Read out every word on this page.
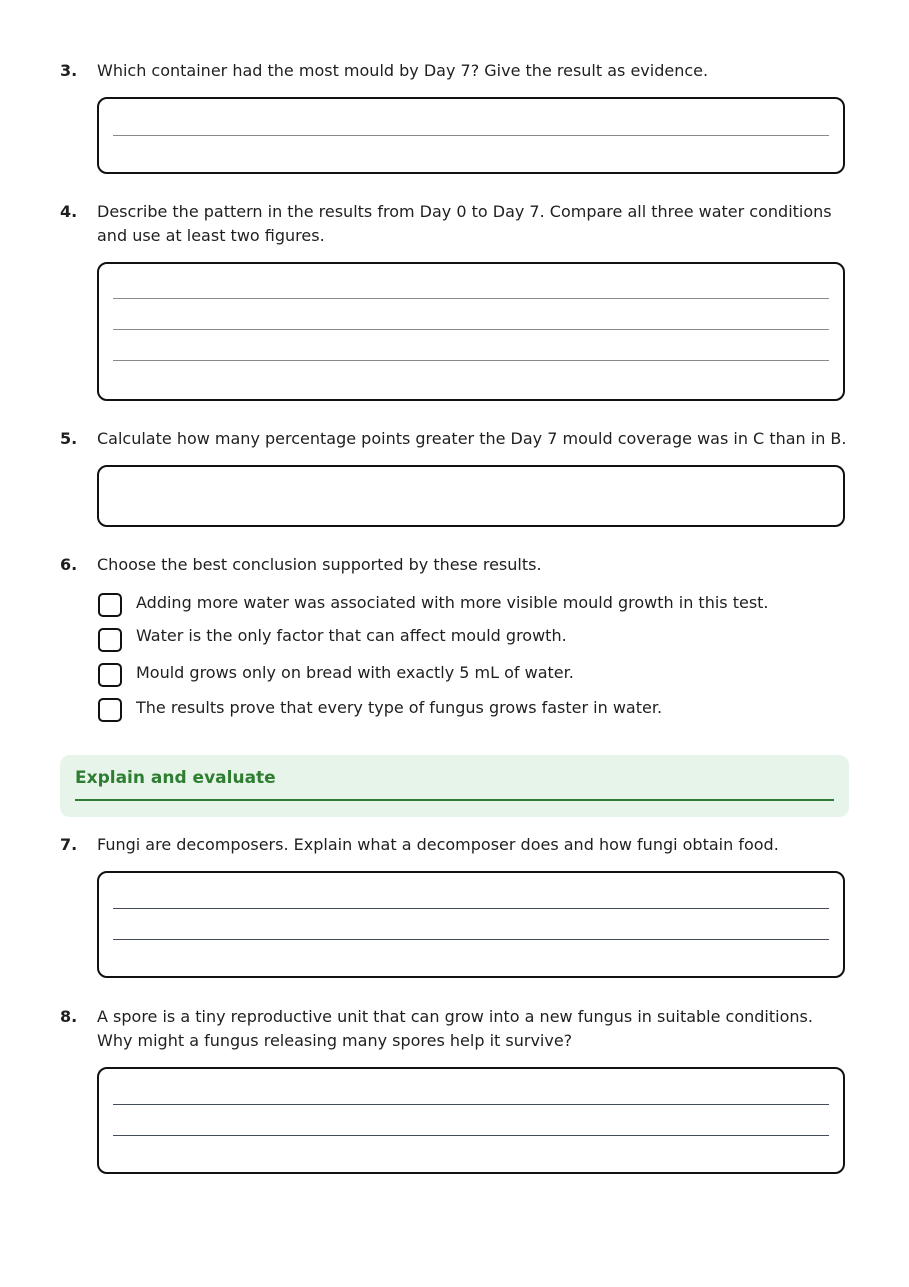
3. Which container had the most mould by Day 7? Give the result as evidence.
4. Describe the pattern in the results from Day 0 to Day 7. Compare all three water conditions and use at least two figures.
5. Calculate how many percentage points greater the Day 7 mould coverage was in C than in B.
6. Choose the best conclusion supported by these results.
Adding more water was associated with more visible mould growth in this test.
Water is the only factor that can affect mould growth.
Mould grows only on bread with exactly 5 mL of water.
The results prove that every type of fungus grows faster in water.
Explain and evaluate
7. Fungi are decomposers. Explain what a decomposer does and how fungi obtain food.
8. A spore is a tiny reproductive unit that can grow into a new fungus in suitable conditions. Why might a fungus releasing many spores help it survive?
